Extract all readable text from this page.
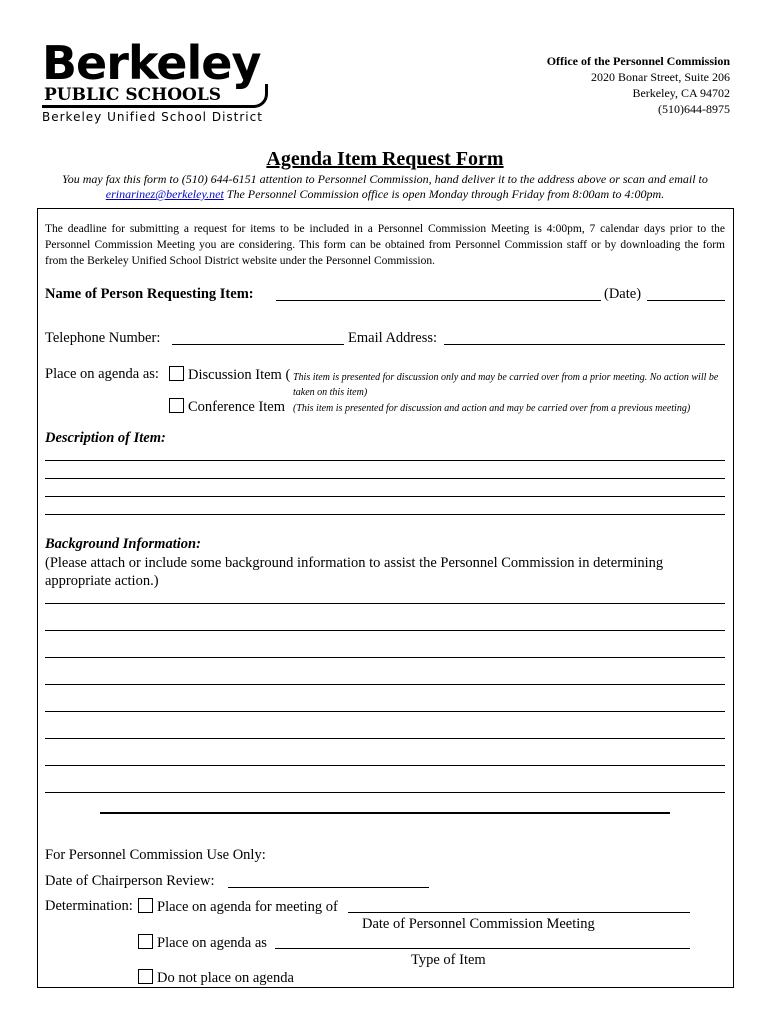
Berkeley
PUBLIC SCHOOLS
Berkeley Unified School District
Office of the Personnel Commission
2020 Bonar Street, Suite 206
Berkeley, CA 94702
(510)644-8975
Agenda Item Request Form
You may fax this form to (510) 644-6151 attention to Personnel Commission, hand deliver it to the address above or scan and email to
erinarinez@berkeley.net The Personnel Commission office is open Monday through Friday from 8:00am to 4:00pm.
The deadline for submitting a request for items to be included in a Personnel Commission Meeting is 4:00pm, 7 calendar days prior to the Personnel Commission Meeting you are considering. This form can be obtained from Personnel Commission staff or by downloading the form from the Berkeley Unified School District website under the Personnel Commission.
Name of Person Requesting Item:	(Date)
Telephone Number:	Email Address:
Place on agenda as:	Discussion Item ( This item is presented for discussion only and may be carried over from a prior meeting. No action will be taken on this item)
Conference Item (This item is presented for discussion and action and may be carried over from a previous meeting)
Description of Item:
Background Information:
(Please attach or include some background information to assist the Personnel Commission in determining appropriate action.)
For Personnel Commission Use Only:
Date of Chairperson Review:
Determination:	Place on agenda for meeting of
Date of Personnel Commission Meeting
Place on agenda as
Type of Item
Do not place on agenda
